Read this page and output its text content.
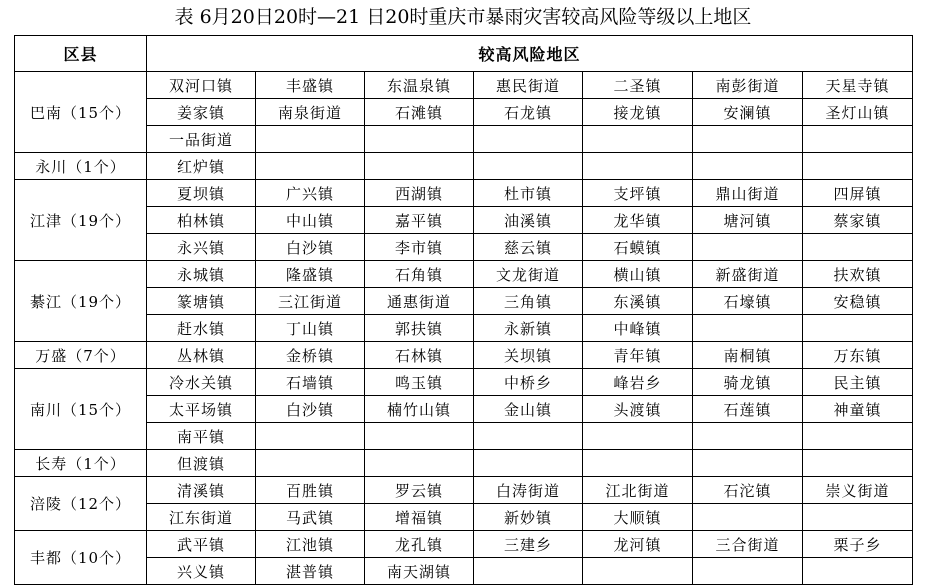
表 6月20日20时—21 日20时重庆市暴雨灾害较高风险等级以上地区
区县	较高风险地区						
巴南（15个）	双河口镇	丰盛镇	东温泉镇	惠民街道	二圣镇	南彭街道	天星寺镇
	姜家镇	南泉街道	石滩镇	石龙镇	接龙镇	安澜镇	圣灯山镇
	一品街道						
永川（1个）	红炉镇						
江津（19个）	夏坝镇	广兴镇	西湖镇	杜市镇	支坪镇	鼎山街道	四屏镇
	柏林镇	中山镇	嘉平镇	油溪镇	龙华镇	塘河镇	蔡家镇
	永兴镇	白沙镇	李市镇	慈云镇	石蟆镇		
綦江（19个）	永城镇	隆盛镇	石角镇	文龙街道	横山镇	新盛街道	扶欢镇
	篆塘镇	三江街道	通惠街道	三角镇	东溪镇	石壕镇	安稳镇
	赶水镇	丁山镇	郭扶镇	永新镇	中峰镇		
万盛（7个）	丛林镇	金桥镇	石林镇	关坝镇	青年镇	南桐镇	万东镇
南川（15个）	冷水关镇	石墙镇	鸣玉镇	中桥乡	峰岩乡	骑龙镇	民主镇
	太平场镇	白沙镇	楠竹山镇	金山镇	头渡镇	石莲镇	神童镇
	南平镇						
长寿（1个）	但渡镇						
涪陵（12个）	清溪镇	百胜镇	罗云镇	白涛街道	江北街道	石沱镇	崇义街道
	江东街道	马武镇	增福镇	新妙镇	大顺镇		
丰都（10个）	武平镇	江池镇	龙孔镇	三建乡	龙河镇	三合街道	栗子乡
	兴义镇	湛普镇	南天湖镇				
